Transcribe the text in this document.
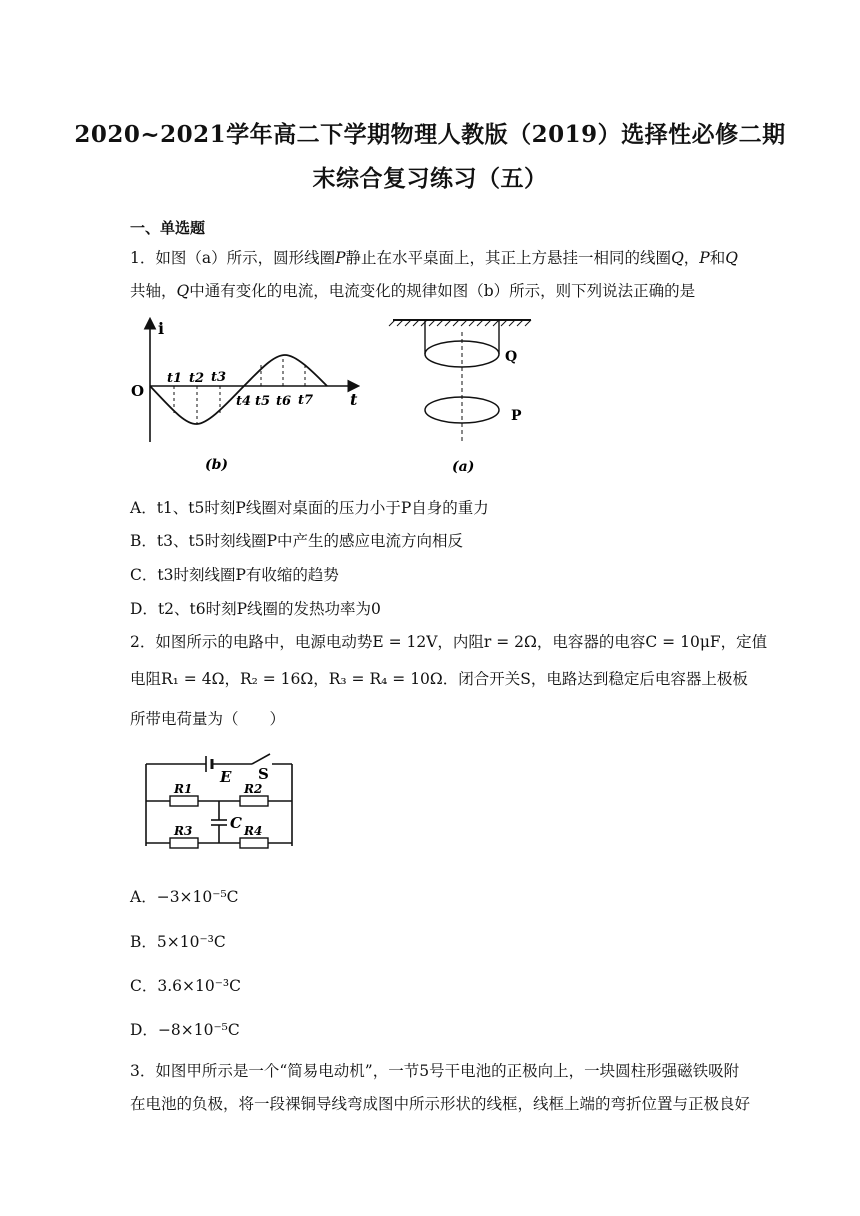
2020~2021学年高二下学期物理人教版（2019）选择性必修二期
末综合复习练习（五）
一、单选题
1．如图（a）所示，圆形线圈P静止在水平桌面上，其正上方悬挂一相同的线圈Q，P和Q
共轴，Q中通有变化的电流，电流变化的规律如图（b）所示，则下列说法正确的是
i
t
O
t1 t2 t3
t4 t5 t6 t7
(b)
Q
P
(a)
A．t1、t5时刻P线圈对桌面的压力小于P自身的重力
B．t3、t5时刻线圈P中产生的感应电流方向相反
C．t3时刻线圈P有收缩的趋势
D．t2、t6时刻P线圈的发热功率为0
2．如图所示的电路中，电源电动势E = 12V，内阻r = 2Ω，电容器的电容C = 10μF，定值
电阻R₁ = 4Ω，R₂ = 16Ω，R₃ = R₄ = 10Ω．闭合开关S，电路达到稳定后电容器上极板
所带电荷量为（　　）
E S
R1	R2
C
R3	R4
A．−3×10⁻⁵C
B．5×10⁻³C
C．3.6×10⁻³C
D．−8×10⁻⁵C
3．如图甲所示是一个“简易电动机”，一节5号干电池的正极向上，一块圆柱形强磁铁吸附
在电池的负极，将一段裸铜导线弯成图中所示形状的线框，线框上端的弯折位置与正极良好
